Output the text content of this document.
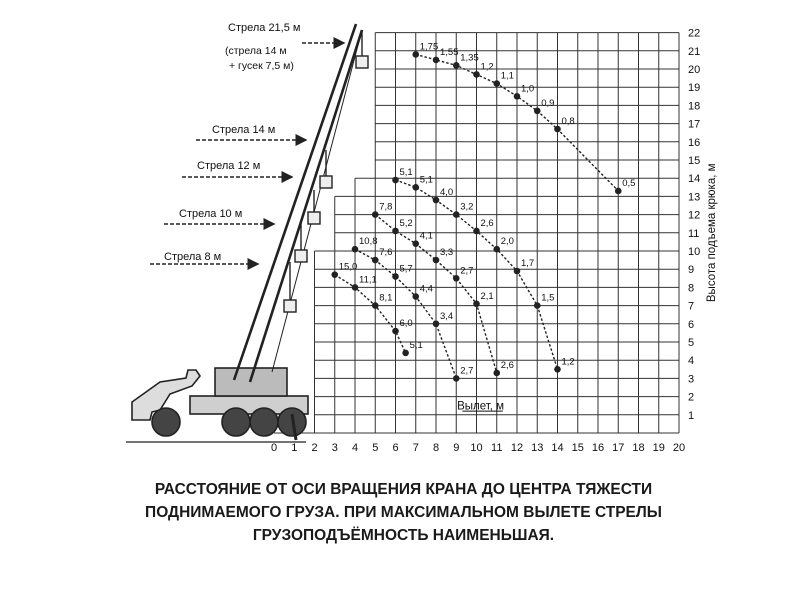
0 1 2 3 4 5 6 7 8 9 10 11 12 13 14 15 16 17 18 19 20
1
2
3
4
5
6
7
8
9
10
11
12
13
14
15
16
17
18
19
20
21
22
Вылет, м
Высота подъема крюка, м
Стрела 21,5 м
(стрела 14 м
+ гусек 7,5 м)
Стрела 14 м
Стрела 12 м
Стрела 10 м
Стрела 8 м
1,75 1,55 1,35
1,2
1,1
1,0
0,9
0,8
0,5
5,1
5,1
4,0
3,2
2,6
2,0
1,7
1,5
1,2
7,8
5,2
4,1
3,3
2,7
2,1
2,6
10,8
7,6
5,7
4,4
3,4
2,7
15,0
11,1
8,1
6,0
5,1
РАССТОЯНИЕ ОТ ОСИ ВРАЩЕНИЯ КРАНА ДО ЦЕНТРА ТЯЖЕСТИ
ПОДНИМАЕМОГО ГРУЗА. ПРИ МАКСИМАЛЬНОМ ВЫЛЕТЕ СТРЕЛЫ
ГРУЗОПОДЪЁМНОСТЬ НАИМЕНЬШАЯ.
